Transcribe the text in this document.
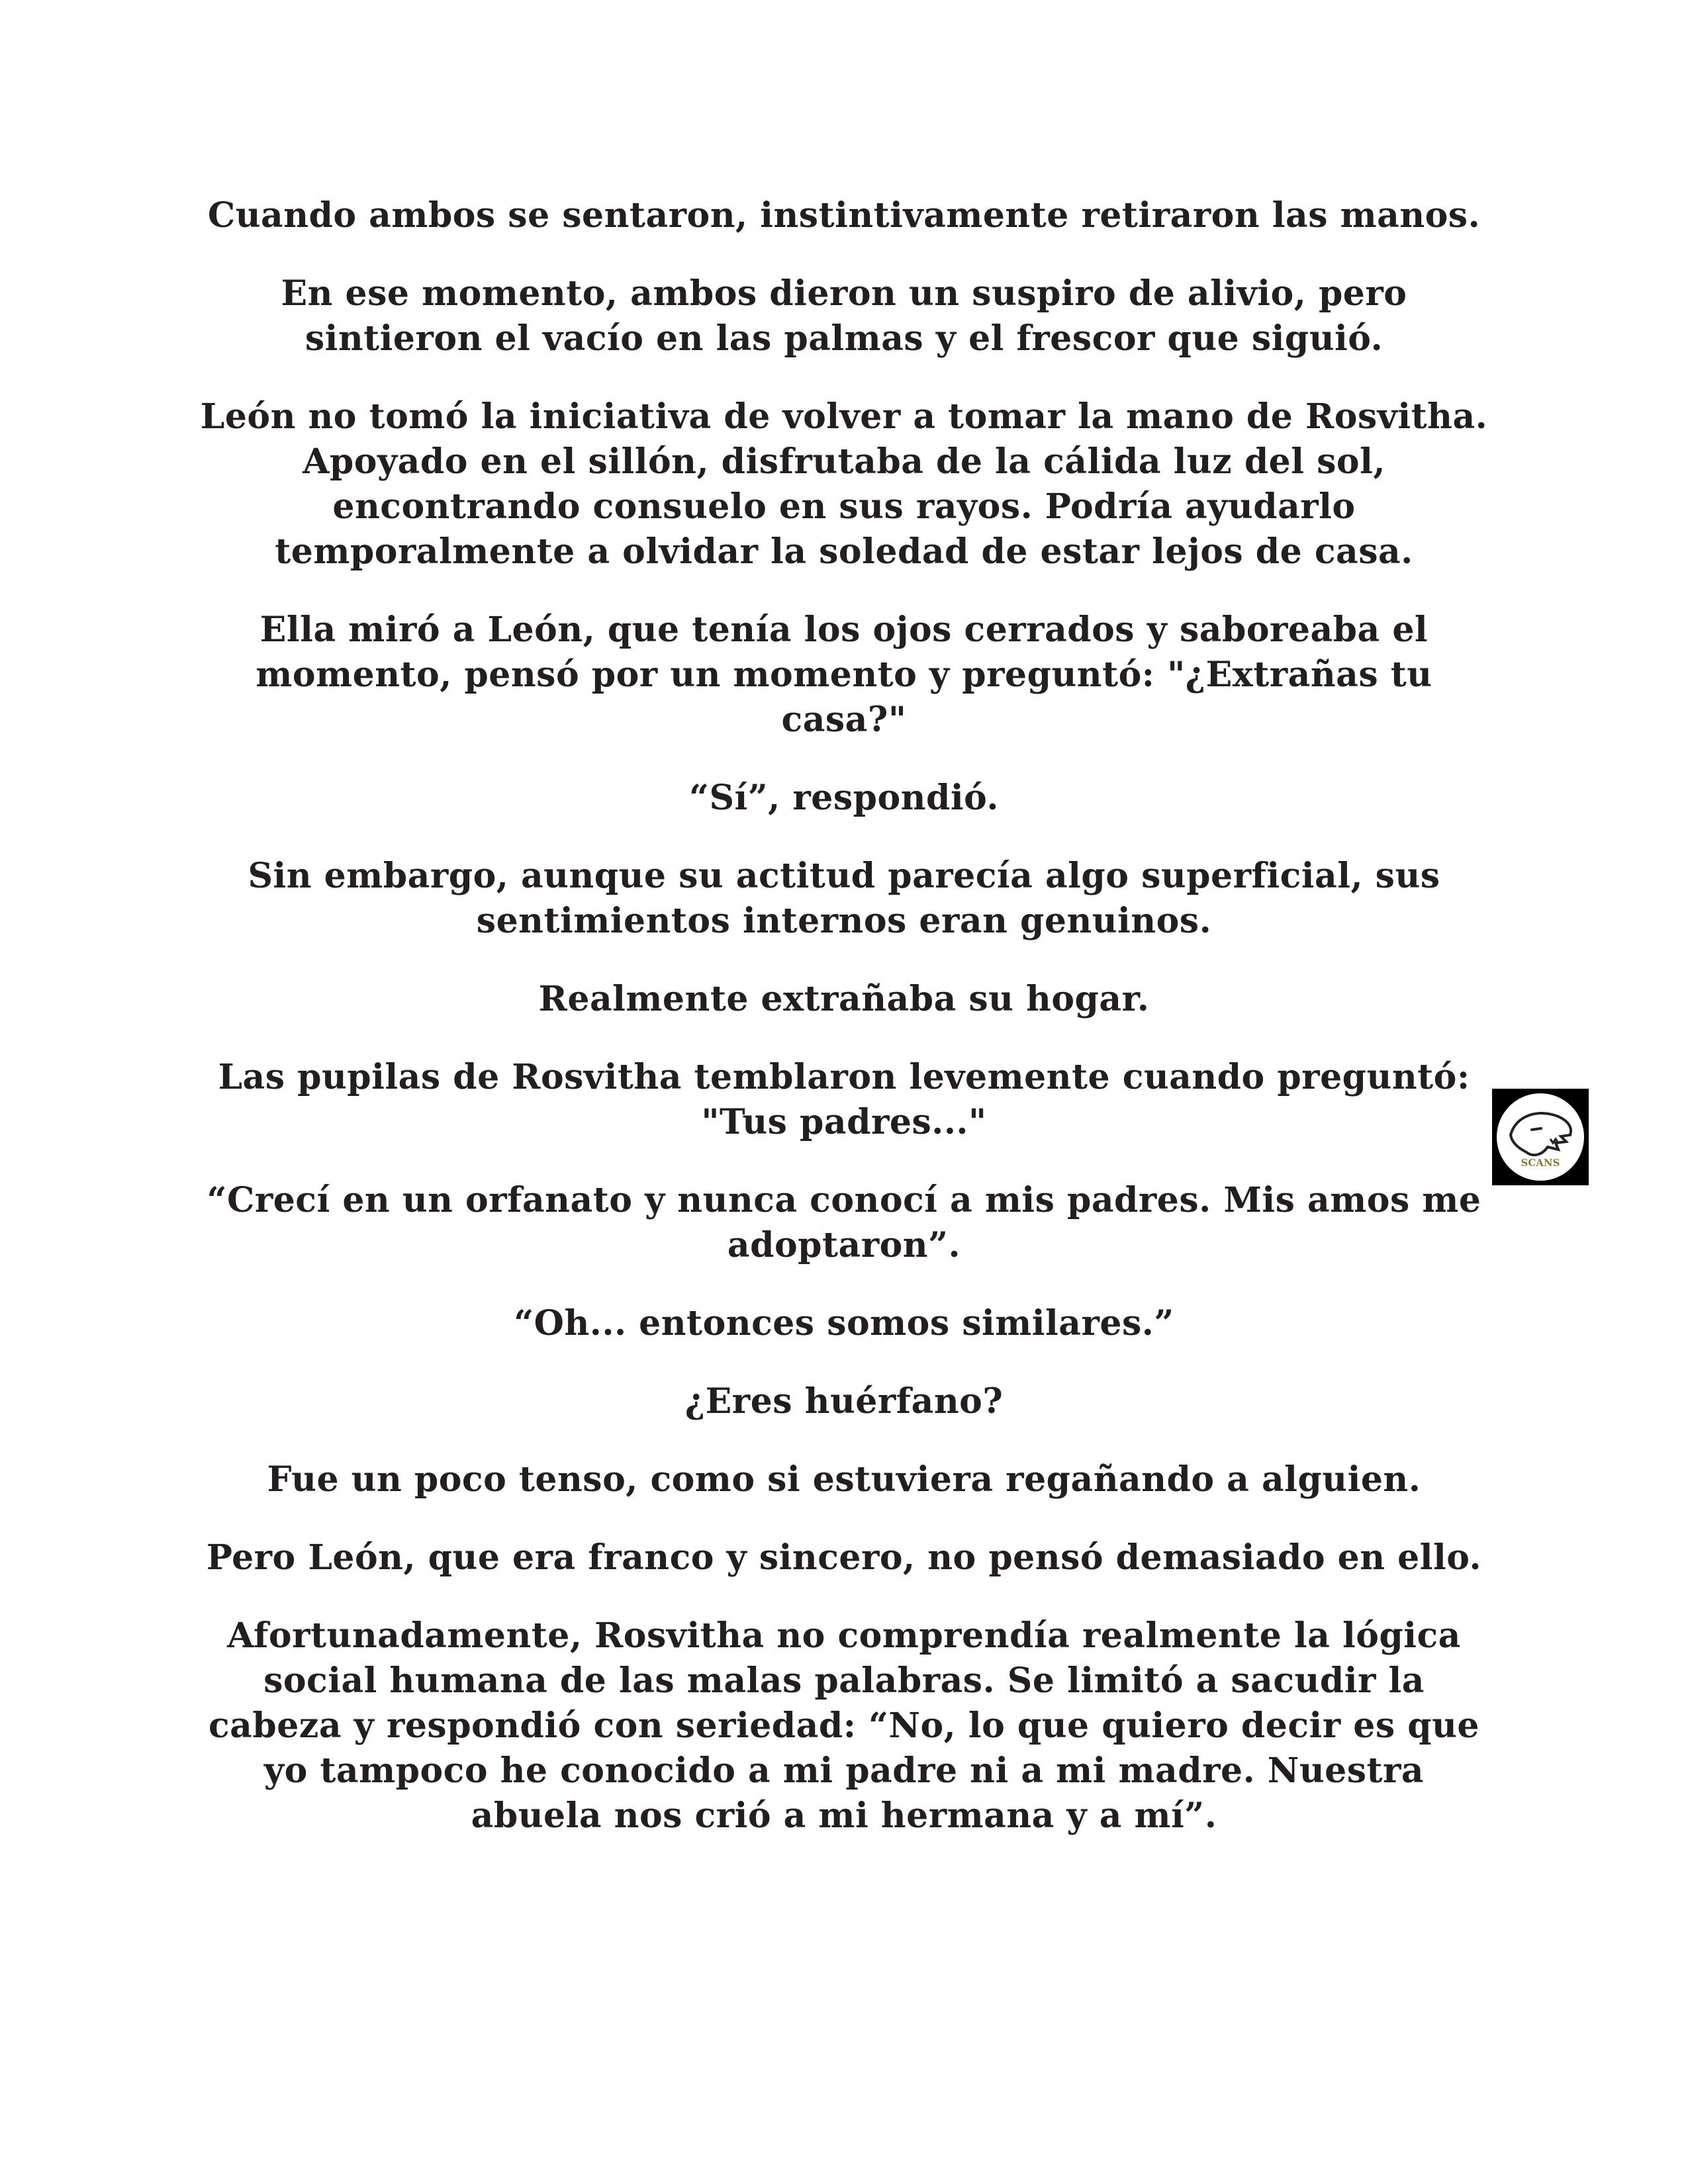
Cuando ambos se sentaron, instintivamente retiraron las manos.

En ese momento, ambos dieron un suspiro de alivio, pero sintieron el vacío en las palmas y el frescor que siguió.

León no tomó la iniciativa de volver a tomar la mano de Rosvitha. Apoyado en el sillón, disfrutaba de la cálida luz del sol, encontrando consuelo en sus rayos. Podría ayudarlo temporalmente a olvidar la soledad de estar lejos de casa.

Ella miró a León, que tenía los ojos cerrados y saboreaba el momento, pensó por un momento y preguntó: "¿Extrañas tu casa?"

“Sí”, respondió.

Sin embargo, aunque su actitud parecía algo superficial, sus sentimientos internos eran genuinos.

Realmente extrañaba su hogar.

Las pupilas de Rosvitha temblaron levemente cuando preguntó: "Tus padres..."

“Crecí en un orfanato y nunca conocí a mis padres. Mis amos me adoptaron”.

“Oh... entonces somos similares.”

¿Eres huérfano?

Fue un poco tenso, como si estuviera regañando a alguien.

Pero León, que era franco y sincero, no pensó demasiado en ello.

Afortunadamente, Rosvitha no comprendía realmente la lógica social humana de las malas palabras. Se limitó a sacudir la cabeza y respondió con seriedad: “No, lo que quiero decir es que yo tampoco he conocido a mi padre ni a mi madre. Nuestra abuela nos crió a mi hermana y a mí”.

SCANS
